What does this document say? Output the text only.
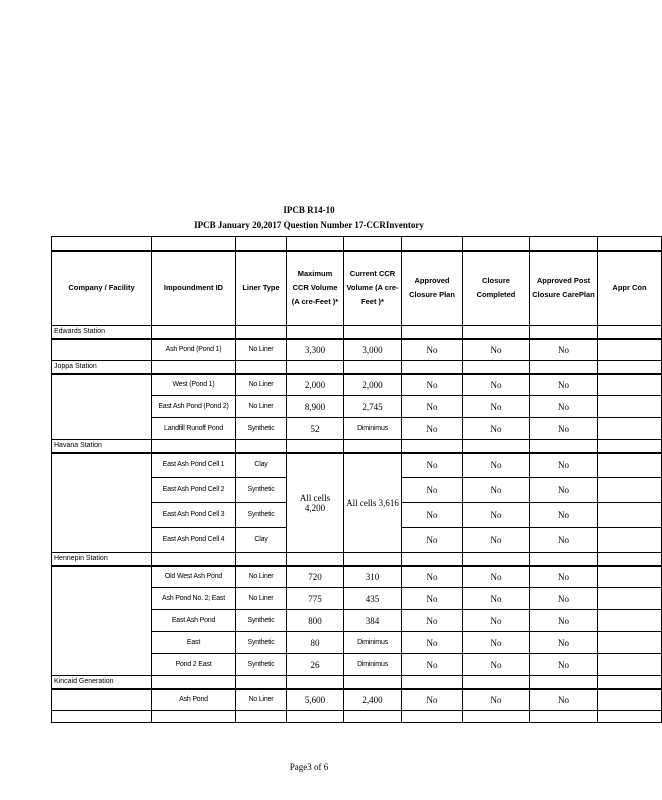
IPCB R14-10
IPCB January 20,2017 Question Number 17-CCRInventory

Company / Facility	Impoundment ID	Liner Type	Maximum CCR Volume (A cre-Feet )*	Current CCR Volume (A cre-Feet )*	Approved Closure Plan	Closure Completed	Approved Post Closure CarePlan	Appr Con
Edwards Station								
	Ash Pond (Pond 1)	No Liner	3,300	3,000	No	No	No	
Joppa Station								
	West (Pond 1)	No Liner	2,000	2,000	No	No	No	
	East Ash Pond (Pond 2)	No Liner	8,900	2,745	No	No	No	
	Landfill Runoff Pond	Synthetic	52	Diminimus	No	No	No	
Havana Station								
	East Ash Pond Cell 1	Clay	All cells 4,200	All cells 3,616	No	No	No	
	East Ash Pond Cell 2	Synthetic			No	No	No	
	East Ash Pond Cell 3	Synthetic			No	No	No	
	East Ash Pond Cell 4	Clay			No	No	No	
Hennepin Station								
	Old West Ash Pond	No Liner	720	310	No	No	No	
	Ash Pond No. 2; East	No Liner	775	435	No	No	No	
	East Ash Pond	Synthetic	800	384	No	No	No	
	East	Synthetic	80	Diminimus	No	No	No	
	Pond 2 East	Synthetic	26	Diminimus	No	No	No	
Kincaid Generation								
	Ash Pond	No Liner	5,600	2,400	No	No	No	

Page3 of 6
